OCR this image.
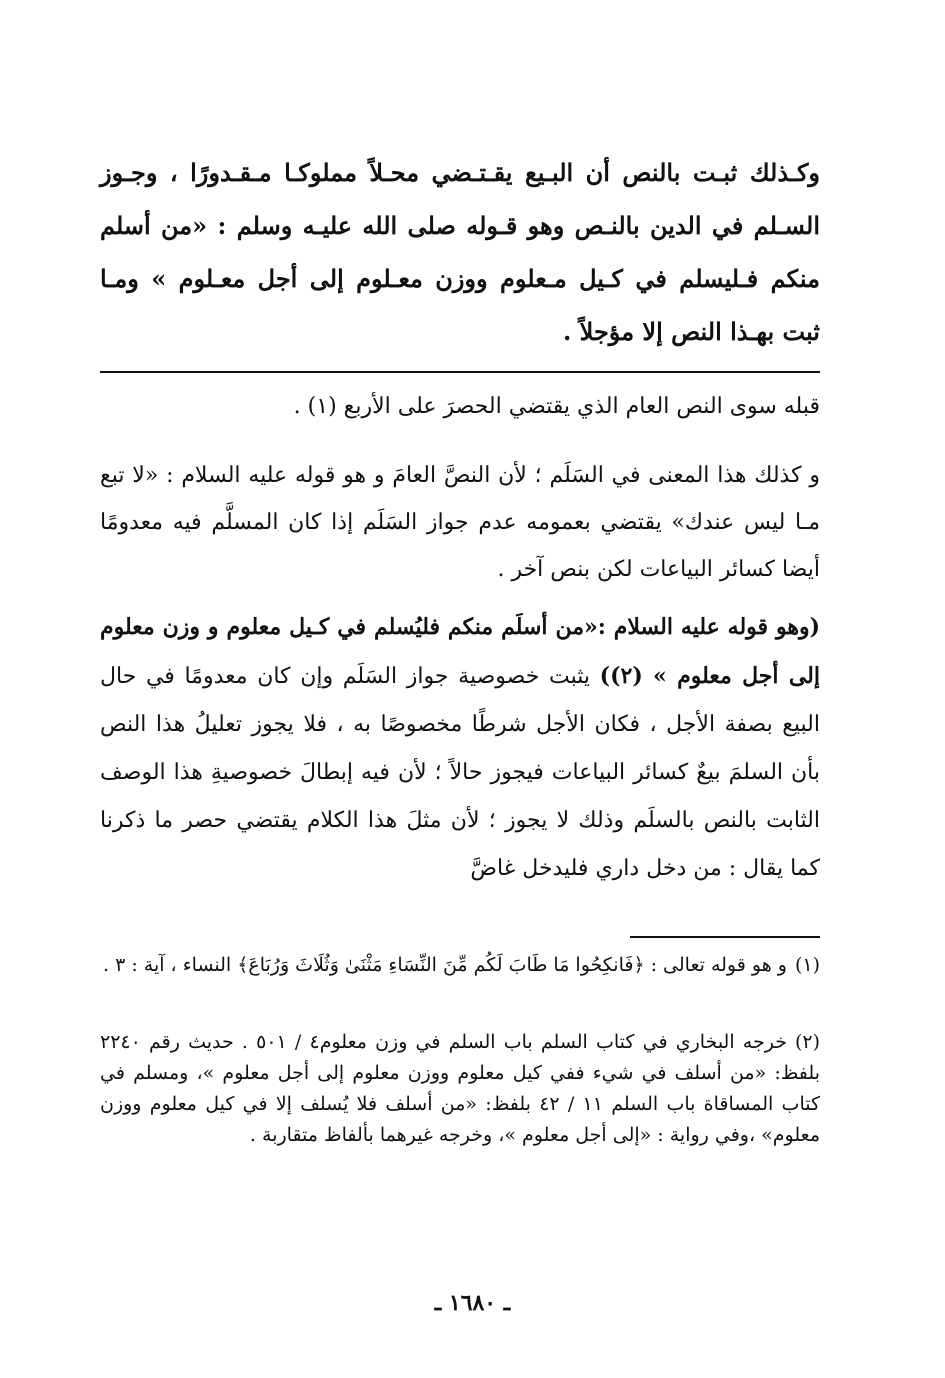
وكـذلك ثبـت بالنص أن البـيع يقـتـضي محـلاً مملوكـا مـقـدورًا ، وجـوز السـلم في الدين بالنـص وهو قـوله صلى الله عليـه وسلم : «من أسلم منكم فـليسلم في كـيل مـعلوم ووزن معـلوم إلى أجل معـلوم » ومـا ثبت بهـذا النص إلا مؤجلاً .

قبله سوى النص العام الذي يقتضي الحصرَ على الأربع (١) .

و كذلك هذا المعنى في السَلَم ؛ لأن النصَّ العامَ و هو قوله عليه السلام : «لا تبع مـا ليس عندك» يقتضي بعمومه عدم جواز السَلَم إذا كان المسلَّم فيه معدومًا أيضا كسائر البياعات لكن بنص آخر .

(وهو قوله عليه السلام :«من أسلَم منكم فليُسلم في كـيل معلوم و وزن معلوم إلى أجل معلوم » (٢)) يثبت خصوصية جواز السَلَم وإن كان معدومًا في حال البيع بصفة الأجل ، فكان الأجل شرطًا مخصوصًا به ، فلا يجوز تعليلُ هذا النص بأن السلمَ بيعٌ كسائر البياعات فيجوز حالاً ؛ لأن فيه إبطالَ خصوصيةِ هذا الوصف الثابت بالنص بالسلَم وذلك لا يجوز ؛ لأن مثلَ هذا الكلام يقتضي حصر ما ذكرنا كما يقال : من دخل داري فليدخل غاضَّ

(١)و هو قوله تعالى : ﴿فَانكِحُوا مَا طَابَ لَكُم مِّنَ النِّسَاءِ مَثْنَىٰ وَثُلَاثَ وَرُبَاعَ﴾ النساء ، آية : ٣ .

(٢)خرجه البخاري في كتاب السلم باب السلم في وزن معلوم٤ / ٥٠١ . حديث رقم ٢٢٤٠ بلفظ: «من أسلف في شيء ففي كيل معلوم ووزن معلوم إلى أجل معلوم »، ومسلم في كتاب المساقاة باب السلم ١١ / ٤٢ بلفظ: «من أسلف فلا يُسلف إلا في كيل معلوم ووزن معلوم» ،وفي رواية : «إلى أجل معلوم »، وخرجه غيرهما بألفاظ متقاربة .

ـ ١٦٨٠ ـ
